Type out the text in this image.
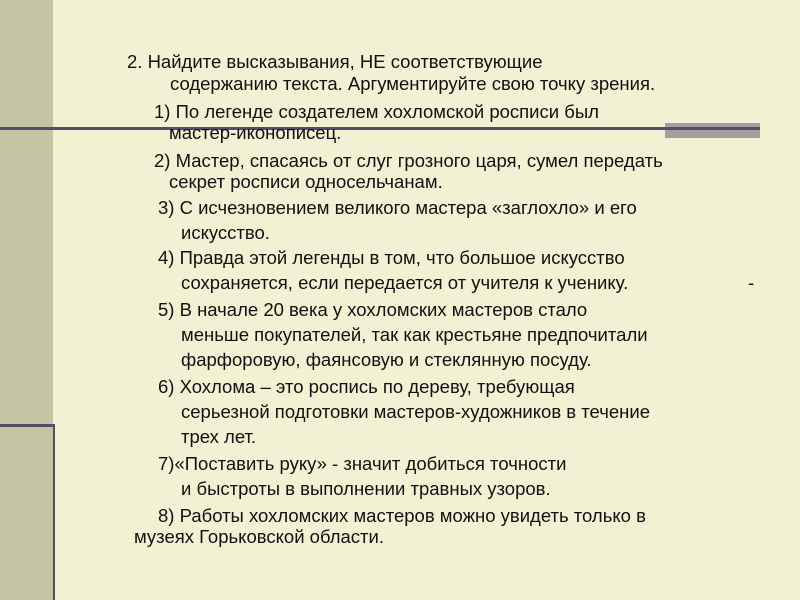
2. Найдите высказывания, НЕ соответствующие

содержанию текста. Аргументируйте свою точку зрения.

1) По легенде создателем хохломской росписи был

мастер-иконописец.

2) Мастер, спасаясь от слуг грозного царя, сумел передать

секрет росписи односельчанам.

3) С исчезновением великого мастера «заглохло» и его

искусство.

4) Правда этой легенды в том, что большое искусство

сохраняется, если передается от учителя к ученику.	-

5) В начале 20 века у хохломских мастеров стало

меньше покупателей, так как крестьяне предпочитали

фарфоровую, фаянсовую и стеклянную посуду.

6) Хохлома – это роспись по дереву, требующая

серьезной подготовки мастеров-художников в течение

трех лет.

7)«Поставить руку» - значит добиться точности

и быстроты в выполнении травных узоров.

8) Работы хохломских мастеров можно увидеть только в

музеях Горьковской области.
